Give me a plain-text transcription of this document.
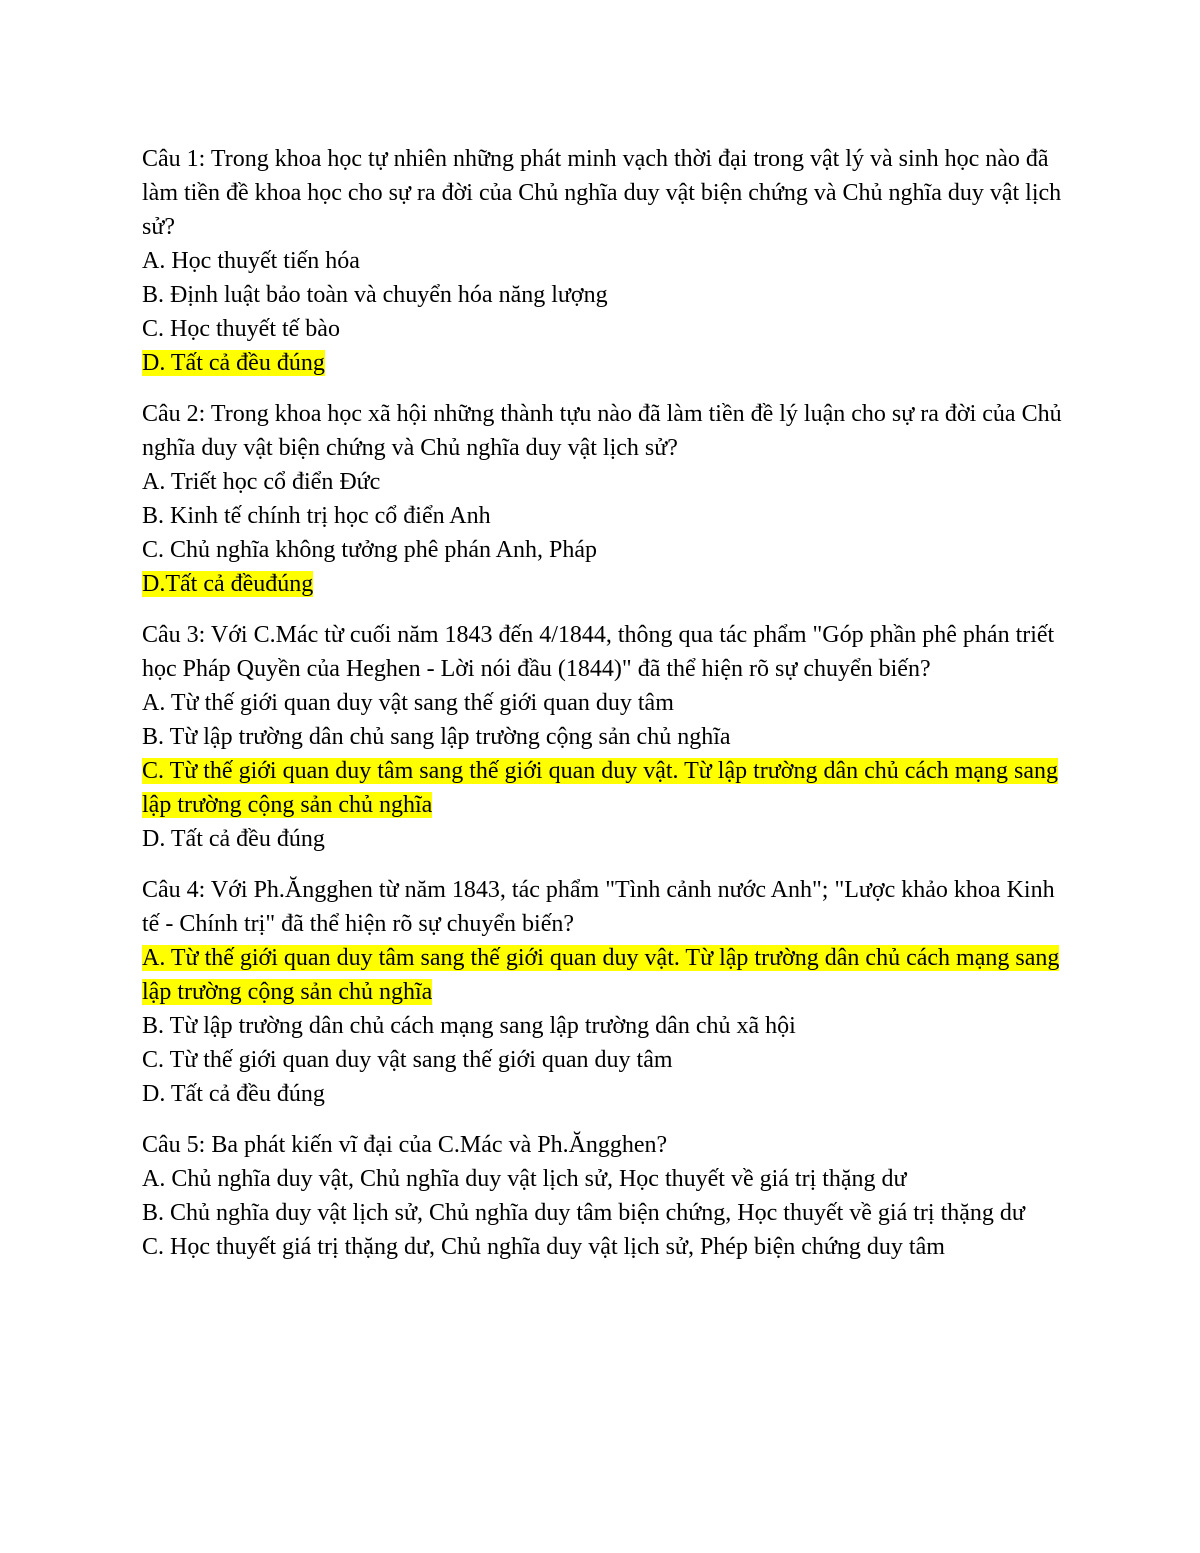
Câu 1: Trong khoa học tự nhiên những phát minh vạch thời đại trong vật lý và sinh học nào đã làm tiền đề khoa học cho sự ra đời của Chủ nghĩa duy vật biện chứng và Chủ nghĩa duy vật lịch sử?

A. Học thuyết tiến hóa

B. Định luật bảo toàn và chuyển hóa năng lượng

C. Học thuyết tế bào

D. Tất cả đều đúng

Câu 2: Trong khoa học xã hội những thành tựu nào đã làm tiền đề lý luận cho sự ra đời của Chủ nghĩa duy vật biện chứng và Chủ nghĩa duy vật lịch sử?

A. Triết học cổ điển Đức

B. Kinh tế chính trị học cổ điển Anh

C. Chủ nghĩa không tưởng phê phán Anh, Pháp

D.Tất cả đềuđúng

Câu 3: Với C.Mác từ cuối năm 1843 đến 4/1844, thông qua tác phẩm "Góp phần phê phán triết học Pháp Quyền của Heghen - Lời nói đầu (1844)" đã thể hiện rõ sự chuyển biến?

A. Từ thế giới quan duy vật sang thế giới quan duy tâm

B. Từ lập trường dân chủ sang lập trường cộng sản chủ nghĩa

C. Từ thế giới quan duy tâm sang thế giới quan duy vật. Từ lập trường dân chủ cách mạng sang lập trường cộng sản chủ nghĩa

D. Tất cả đều đúng

Câu 4: Với Ph.Ăngghen từ năm 1843, tác phẩm "Tình cảnh nước Anh"; "Lược khảo khoa Kinh tế - Chính trị" đã thể hiện rõ sự chuyển biến?

A. Từ thế giới quan duy tâm sang thế giới quan duy vật. Từ lập trường dân chủ cách mạng sang lập trường cộng sản chủ nghĩa

B. Từ lập trường dân chủ cách mạng sang lập trường dân chủ xã hội

C. Từ thế giới quan duy vật sang thế giới quan duy tâm

D. Tất cả đều đúng

Câu 5: Ba phát kiến vĩ đại của C.Mác và Ph.Ăngghen?

A. Chủ nghĩa duy vật, Chủ nghĩa duy vật lịch sử, Học thuyết về giá trị thặng dư

B. Chủ nghĩa duy vật lịch sử, Chủ nghĩa duy tâm biện chứng, Học thuyết về giá trị thặng dư

C. Học thuyết giá trị thặng dư, Chủ nghĩa duy vật lịch sử, Phép biện chứng duy tâm
